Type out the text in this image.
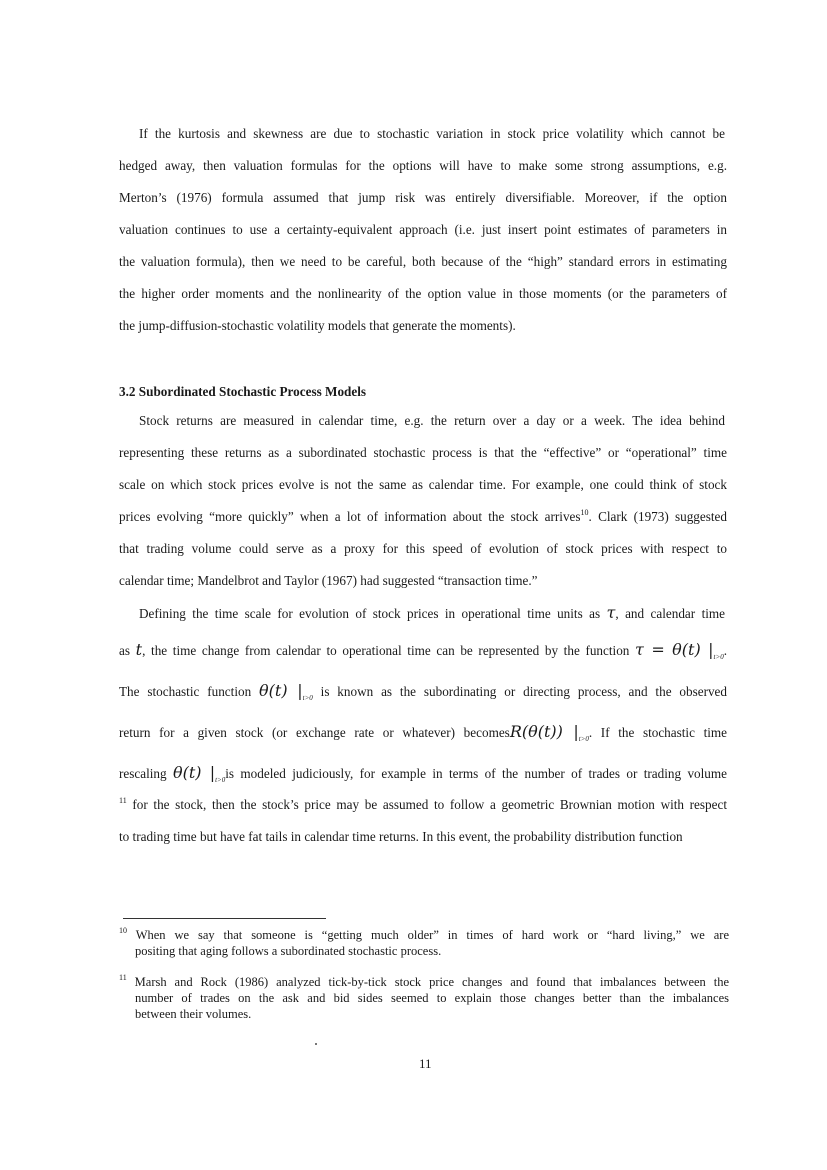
If the kurtosis and skewness are due to stochastic variation in stock price volatility which cannot be
hedged away, then valuation formulas for the options will have to make some strong assumptions, e.g.
Merton’s (1976) formula assumed that jump risk was entirely diversifiable. Moreover, if the option
valuation continues to use a certainty-equivalent approach (i.e. just insert point estimates of parameters in
the valuation formula), then we need to be careful, both because of the “high” standard errors in estimating
the higher order moments and the nonlinearity of the option value in those moments (or the parameters of
the jump-diffusion-stochastic volatility models that generate the moments).
3.2 Subordinated Stochastic Process Models
Stock returns are measured in calendar time, e.g. the return over a day or a week. The idea behind
representing these returns as a subordinated stochastic process is that the “effective” or “operational” time
scale on which stock prices evolve is not the same as calendar time. For example, one could think of stock
prices evolving “more quickly” when a lot of information about the stock arrives$^{10}$. Clark (1973) suggested
that trading volume could serve as a proxy for this speed of evolution of stock prices with respect to
calendar time; Mandelbrot and Taylor (1967) had suggested “transaction time.”
Defining the time scale for evolution of stock prices in operational time units as τ, and calendar time
as t, the time change from calendar to operational time can be represented by the function τ = θ(t) $|_{t>0}$.
The stochastic function θ(t) $|_{t>0}$ is known as the subordinating or directing process, and the observed
return for a given stock (or exchange rate or whatever) becomesR(θ(t)) $|_{t>0}$. If the stochastic time
rescaling θ(t) $|_{t>0}is$ modeled judiciously, for example in terms of the number of trades or trading volume
$^{11}$ for the stock, then the stock’s price may be assumed to follow a geometric Brownian motion with respect
to trading time but have fat tails in calendar time returns. In this event, the probability distribution function
$^{10}$ When we say that someone is “getting much older” in times of hard work or “hard living,” we are
positing that aging follows a subordinated stochastic process.
$^{11}$ Marsh and Rock (1986) analyzed tick-by-tick stock price changes and found that imbalances between the
number of trades on the ask and bid sides seemed to explain those changes better than the imbalances
between their volumes.
11
